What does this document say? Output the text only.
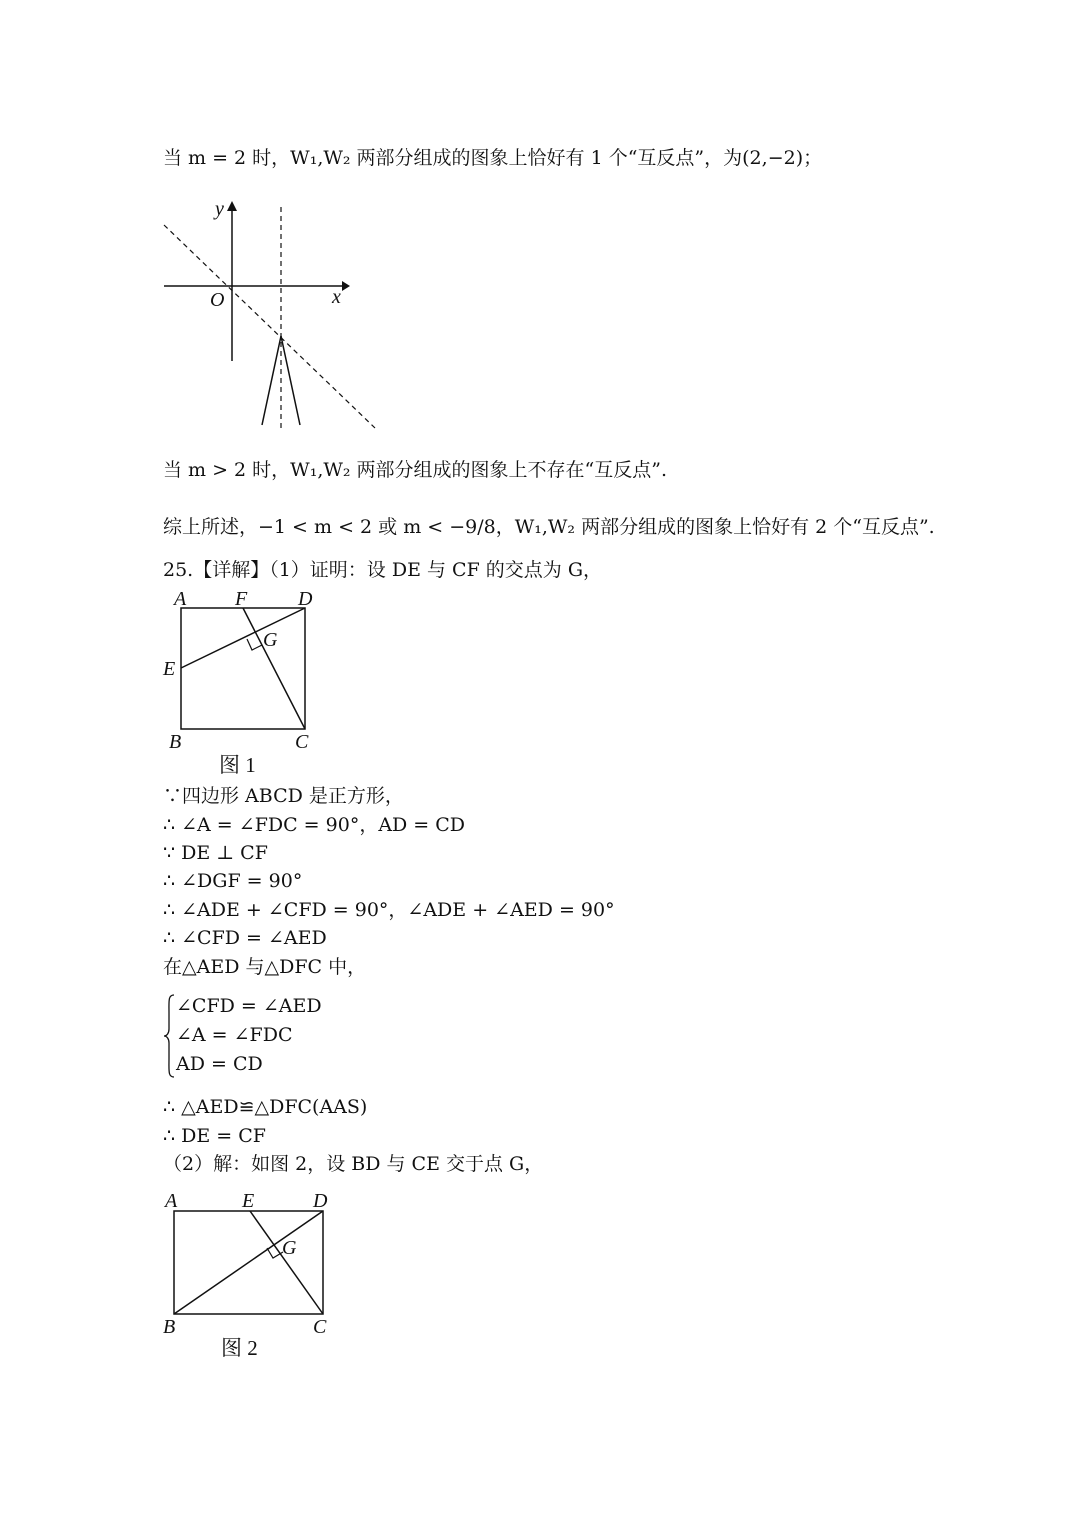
当 m = 2 时，W₁,W₂ 两部分组成的图象上恰好有 1 个“互反点”，为(2,−2)；
x
y
O
当 m > 2 时，W₁,W₂ 两部分组成的图象上不存在“互反点”.
综上所述，−1 < m < 2 或 m < −9/8，W₁,W₂ 两部分组成的图象上恰好有 2 个“互反点”.
25.【详解】（1）证明：设 DE 与 CF 的交点为 G，
A F	D
G
E
B	C
图 1
∵四边形 ABCD 是正方形，
∴ ∠A = ∠FDC = 90°，AD = CD
∵ DE ⊥ CF
∴ ∠DGF = 90°
∴ ∠ADE + ∠CFD = 90°，∠ADE + ∠AED = 90°
∴ ∠CFD = ∠AED
在△AED 与△DFC 中，
∠CFD = ∠AED
∠A = ∠FDC
AD = CD
∴ △AED≌△DFC(AAS)
∴ DE = CF
（2）解：如图 2，设 BD 与 CE 交于点 G，
A	E	D
G
B	C
图 2
